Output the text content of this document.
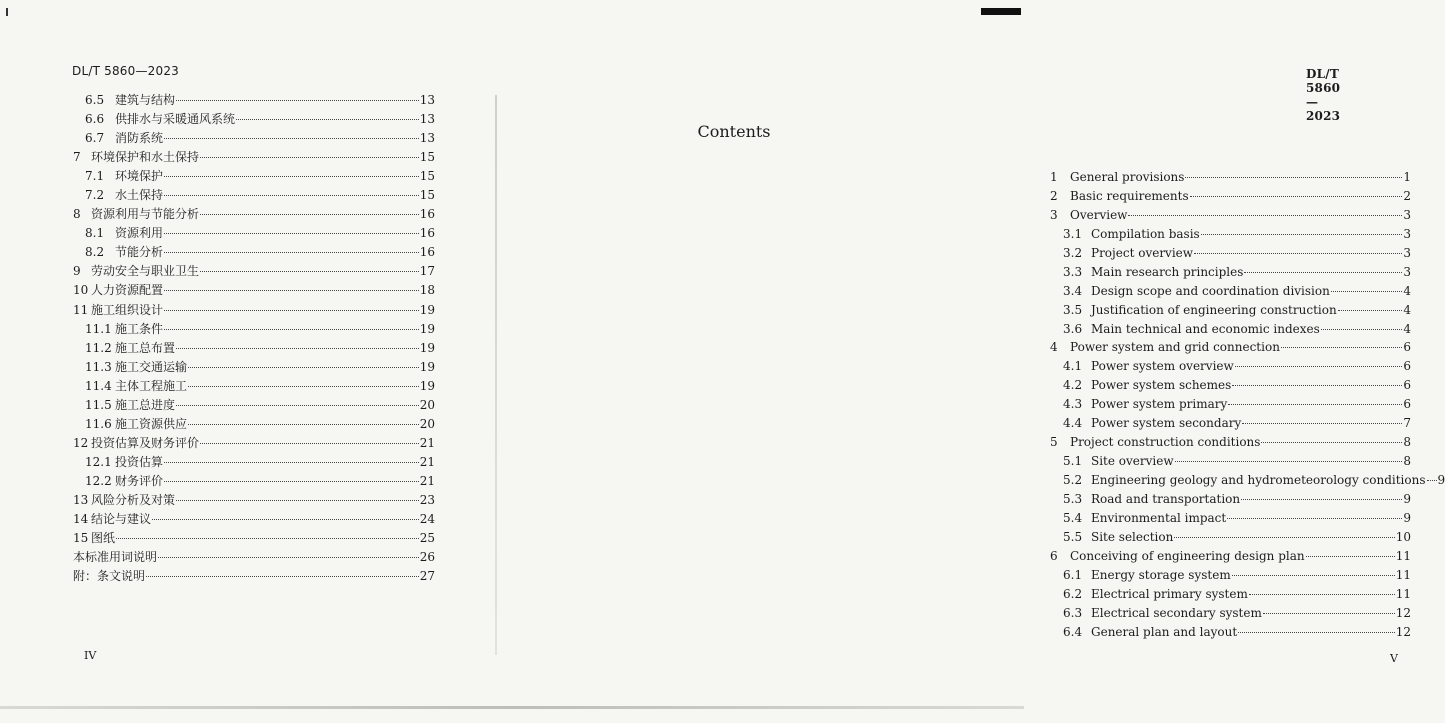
DL/T 5860—2023
6.5 建筑与结构	13
6.6 供排水与采暖通风系统	13
6.7 消防系统	13
7 环境保护和水土保持	15
7.1 环境保护	15
7.2 水土保持	15
8 资源利用与节能分析	16
8.1 资源利用	16
8.2 节能分析	16
9 劳动安全与职业卫生	17
10 人力资源配置	18
11 施工组织设计	19
11.1 施工条件	19
11.2 施工总布置	19
11.3 施工交通运输	19
11.4 主体工程施工	19
11.5 施工总进度	20
11.6 施工资源供应	20
12 投资估算及财务评价	21
12.1 投资估算	21
12.2 财务评价	21
13 风险分析及对策	23
14 结论与建议	24
15 图纸	25
本标准用词说明	26
附：条文说明	27
IV
DL/T 5860—2023
Contents
1	General provisions	1
2	Basic requirements	2
3	Overview	3
3.1 Compilation basis	3
3.2 Project overview	3
3.3 Main research principles	3
3.4 Design scope and coordination division	4
3.5 Justification of engineering construction	4
3.6 Main technical and economic indexes	4
4	Power system and grid connection	6
4.1 Power system overview	6
4.2 Power system schemes	6
4.3 Power system primary	6
4.4 Power system secondary	7
5	Project construction conditions	8
5.1 Site overview	8
5.2 Engineering geology and hydrometeorology conditions 9
5.3 Road and transportation	9
5.4 Environmental impact	9
5.5 Site selection	10
6	Conceiving of engineering design plan	11
6.1 Energy storage system	11
6.2 Electrical primary system	11
6.3 Electrical secondary system	12
6.4 General plan and layout	12
V
